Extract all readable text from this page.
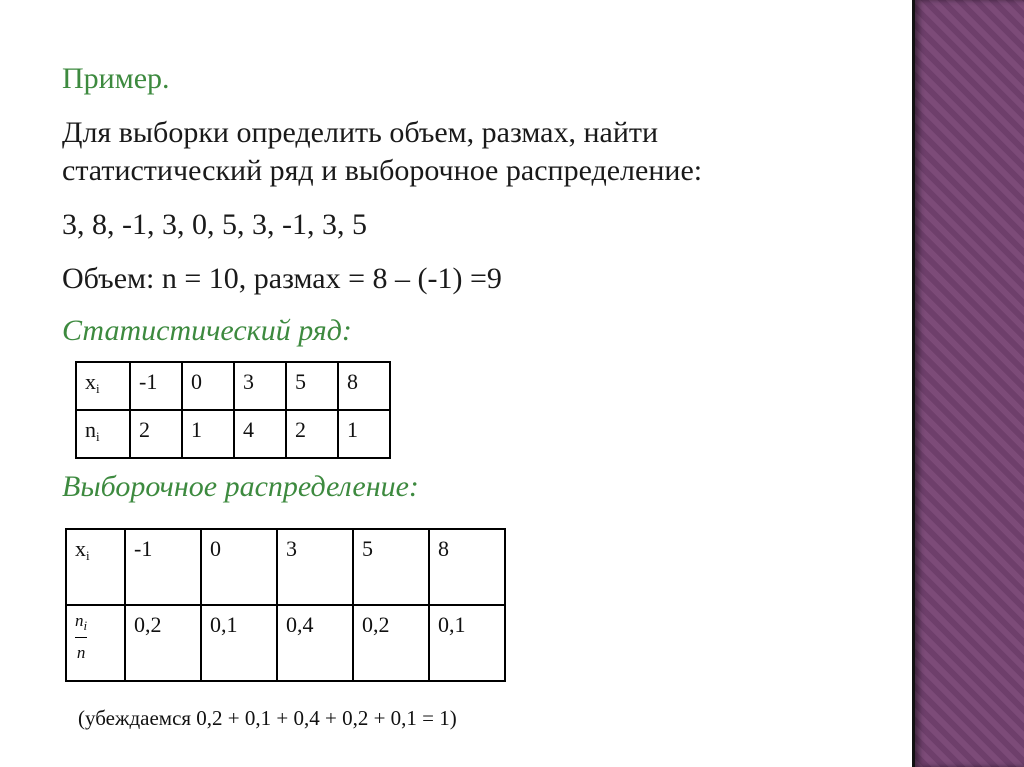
Пример.
Для выборки определить объем, размах, найти
статистический ряд и выборочное распределение:
3, 8, -1, 3, 0, 5, 3, -1, 3, 5
Объем: n = 10, размах = 8 – (-1) =9
Статистический ряд:
$x_i$	-1	0	3	5	8
$n_i$	2	1	4	2	1
Выборочное распределение:
$x_i$	-1	0	3	5	8

$\frac{n_i}{n}$	0,2	0,1	0,4	0,2	0,1
(убеждаемся 0,2 + 0,1 + 0,4 + 0,2 + 0,1 = 1)
